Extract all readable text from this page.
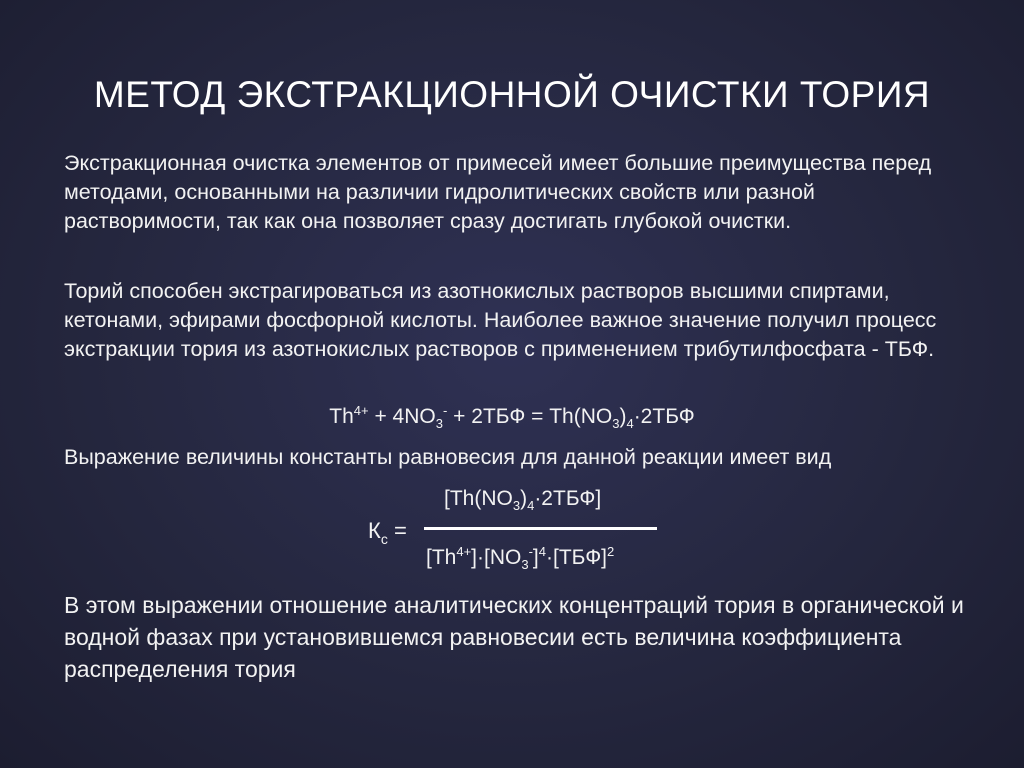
МЕТОД ЭКСТРАКЦИОННОЙ ОЧИСТКИ ТОРИЯ
Экстракционная очистка элементов от примесей имеет большие преимущества перед методами, основанными на различии гидролитических свойств или разной растворимости, так как она позволяет сразу достигать глубокой очистки.
Торий способен экстрагироваться из азотнокислых растворов высшими спиртами, кетонами, эфирами фосфорной кислоты. Наиболее важное значение получил процесс экстракции тория из азотнокислых растворов с применением трибутилфосфата - ТБФ.
$Th^{4+} + 4NO_3^- + 2ТБФ = Th(NO_3)_4\cdot 2ТБФ$
Выражение величины константы равновесия для данной реакции имеет вид
$К_c$ =
$[Th(NO_3)_4\cdot 2ТБФ]$
$[Th^{4+}]\cdot[NO_3^-]^4\cdot[ТБФ]^2$
В этом выражении отношение аналитических концентраций тория в органической и водной фазах при установившемся равновесии есть величина коэффициента распределения тория
